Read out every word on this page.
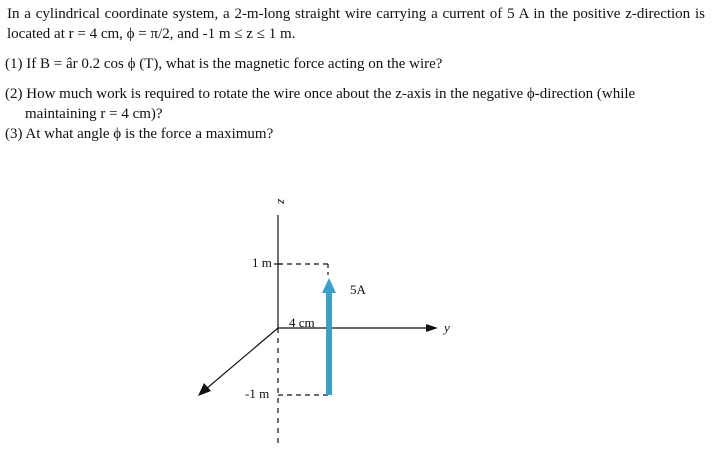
In a cylindrical coordinate system, a 2-m-long straight wire carrying a current of 5 A in the positive z-direction is located at r = 4 cm, ϕ = π/2, and -1 m ≤ z ≤ 1 m.

(1) If B = âr 0.2 cos ϕ (T), what is the magnetic force acting on the wire?

(2) How much work is required to rotate the wire once about the z-axis in the negative ϕ-direction (while
maintaining r = 4 cm)?

(3) At what angle ϕ is the force a maximum?

z
y
1 m
-1 m
4 cm
5A
